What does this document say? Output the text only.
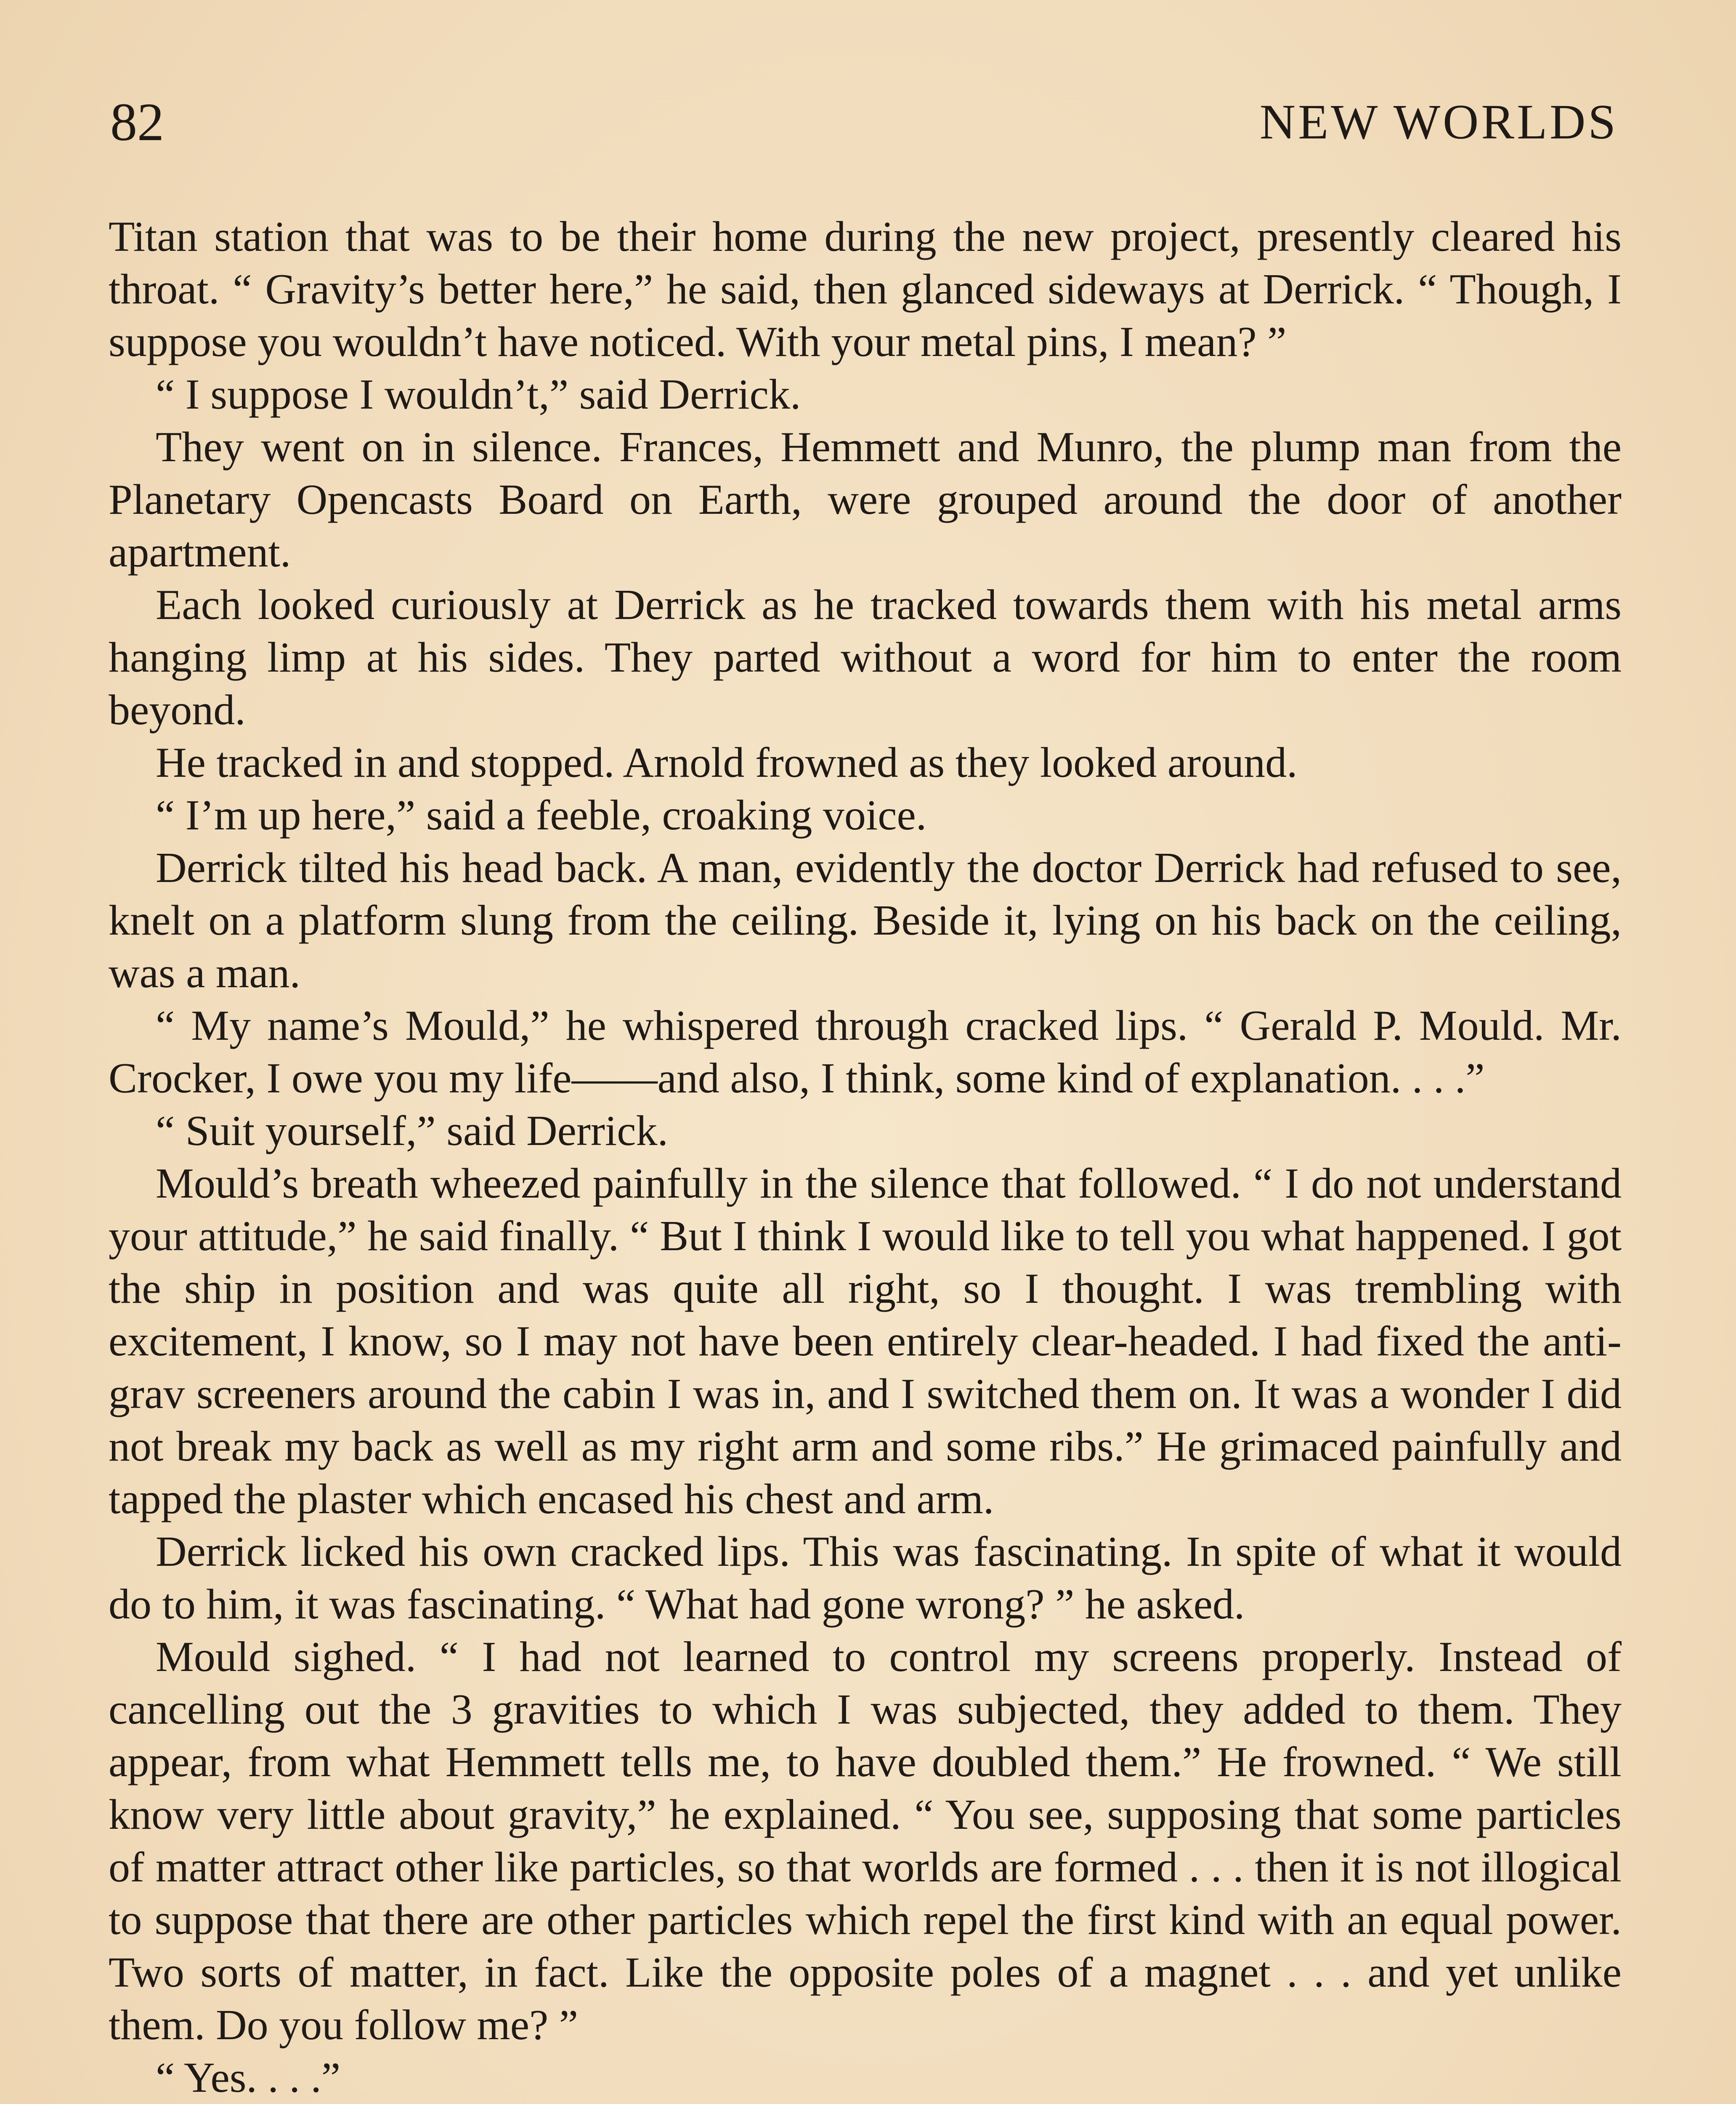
82	NEW WORLDS

Titan station that was to be their home during the new project, presently cleared his throat. “ Gravity’s better here,” he said, then glanced sideways at Derrick. “ Though, I suppose you wouldn’t have noticed. With your metal pins, I mean? ”

“ I suppose I wouldn’t,” said Derrick.

They went on in silence. Frances, Hemmett and Munro, the plump man from the Planetary Opencasts Board on Earth, were grouped around the door of another apartment.

Each looked curiously at Derrick as he tracked towards them with his metal arms hanging limp at his sides. They parted without a word for him to enter the room beyond.

He tracked in and stopped. Arnold frowned as they looked around.

“ I’m up here,” said a feeble, croaking voice.

Derrick tilted his head back. A man, evidently the doctor Derrick had refused to see, knelt on a platform slung from the ceiling. Beside it, lying on his back on the ceiling, was a man.

“ My name’s Mould,” he whispered through cracked lips. “ Gerald P. Mould. Mr. Crocker, I owe you my life——and also, I think, some kind of explanation. . . .”

“ Suit yourself,” said Derrick.

Mould’s breath wheezed painfully in the silence that followed. “ I do not understand your attitude,” he said finally. “ But I think I would like to tell you what happened. I got the ship in position and was quite all right, so I thought. I was trembling with excitement, I know, so I may not have been entirely clear-headed. I had fixed the anti-grav screeners around the cabin I was in, and I switched them on. It was a wonder I did not break my back as well as my right arm and some ribs.” He grimaced painfully and tapped the plaster which encased his chest and arm.

Derrick licked his own cracked lips. This was fascinating. In spite of what it would do to him, it was fascinating. “ What had gone wrong? ” he asked.

Mould sighed. “ I had not learned to control my screens properly. Instead of cancelling out the 3 gravities to which I was subjected, they added to them. They appear, from what Hemmett tells me, to have doubled them.” He frowned. “ We still know very little about gravity,” he explained. “ You see, supposing that some particles of matter attract other like particles, so that worlds are formed . . . then it is not illogical to suppose that there are other particles which repel the first kind with an equal power. Two sorts of matter, in fact. Like the opposite poles of a magnet . . . and yet unlike them. Do you follow me? ”

“ Yes. . . .”
